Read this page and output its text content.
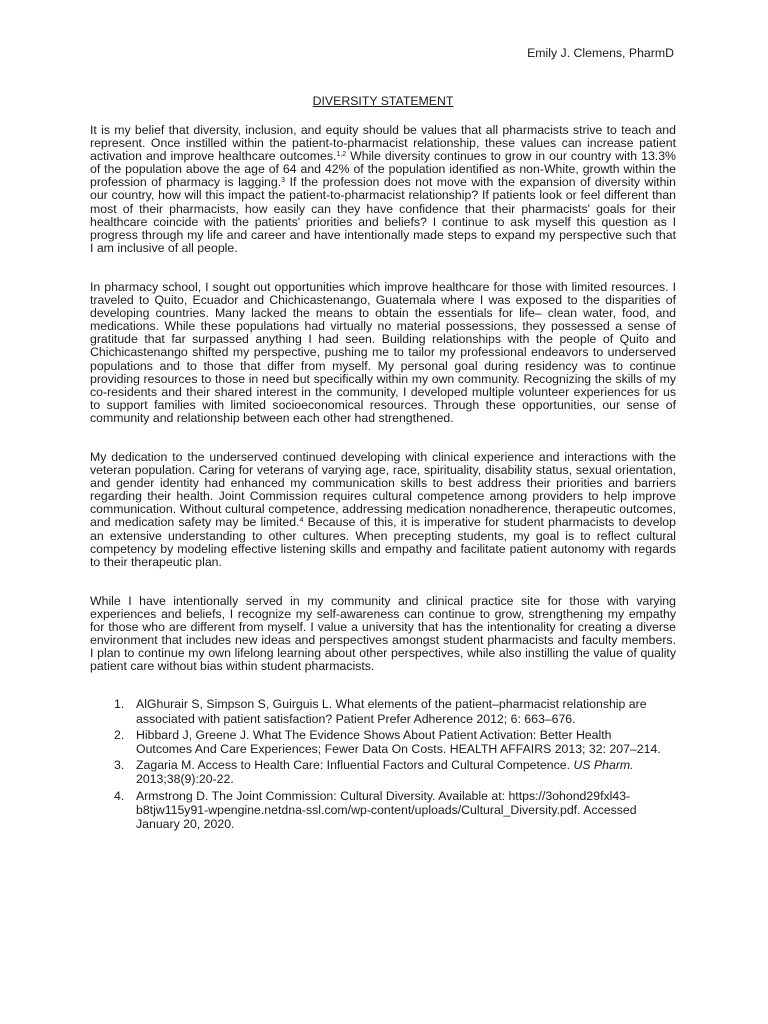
Emily J. Clemens, PharmD

DIVERSITY STATEMENT

It is my belief that diversity, inclusion, and equity should be values that all pharmacists strive to teach and represent. Once instilled within the patient-to-pharmacist relationship, these values can increase patient activation and improve healthcare outcomes.$^{1,2}$ While diversity continues to grow in our country with 13.3% of the population above the age of 64 and 42% of the population identified as non-White, growth within the profession of pharmacy is lagging.$^3$ If the profession does not move with the expansion of diversity within our country, how will this impact the patient-to-pharmacist relationship? If patients look or feel different than most of their pharmacists, how easily can they have confidence that their pharmacists' goals for their healthcare coincide with the patients' priorities and beliefs? I continue to ask myself this question as I progress through my life and career and have intentionally made steps to expand my perspective such that I am inclusive of all people.

In pharmacy school, I sought out opportunities which improve healthcare for those with limited resources. I traveled to Quito, Ecuador and Chichicastenango, Guatemala where I was exposed to the disparities of developing countries. Many lacked the means to obtain the essentials for life– clean water, food, and medications. While these populations had virtually no material possessions, they possessed a sense of gratitude that far surpassed anything I had seen. Building relationships with the people of Quito and Chichicastenango shifted my perspective, pushing me to tailor my professional endeavors to underserved populations and to those that differ from myself. My personal goal during residency was to continue providing resources to those in need but specifically within my own community. Recognizing the skills of my co-residents and their shared interest in the community, I developed multiple volunteer experiences for us to support families with limited socioeconomical resources. Through these opportunities, our sense of community and relationship between each other had strengthened.

My dedication to the underserved continued developing with clinical experience and interactions with the veteran population. Caring for veterans of varying age, race, spirituality, disability status, sexual orientation, and gender identity had enhanced my communication skills to best address their priorities and barriers regarding their health. Joint Commission requires cultural competence among providers to help improve communication. Without cultural competence, addressing medication nonadherence, therapeutic outcomes, and medication safety may be limited.$^4$ Because of this, it is imperative for student pharmacists to develop an extensive understanding to other cultures. When precepting students, my goal is to reflect cultural competency by modeling effective listening skills and empathy and facilitate patient autonomy with regards to their therapeutic plan.

While I have intentionally served in my community and clinical practice site for those with varying experiences and beliefs, I recognize my self-awareness can continue to grow, strengthening my empathy for those who are different from myself. I value a university that has the intentionality for creating a diverse environment that includes new ideas and perspectives amongst student pharmacists and faculty members. I plan to continue my own lifelong learning about other perspectives, while also instilling the value of quality patient care without bias within student pharmacists.

1. AlGhurair S, Simpson S, Guirguis L. What elements of the patient–pharmacist relationship are associated with patient satisfaction? Patient Prefer Adherence 2012; 6: 663–676.
2. Hibbard J, Greene J. What The Evidence Shows About Patient Activation: Better Health Outcomes And Care Experiences; Fewer Data On Costs. HEALTH AFFAIRS 2013; 32: 207–214.
3. Zagaria M. Access to Health Care: Influential Factors and Cultural Competence. US Pharm. 2013;38(9):20-22.
4. Armstrong D. The Joint Commission: Cultural Diversity. Available at: https://3ohond29fxl43-b8tjw115y91-wpengine.netdna-ssl.com/wp-content/uploads/Cultural_Diversity.pdf. Accessed January 20, 2020.
